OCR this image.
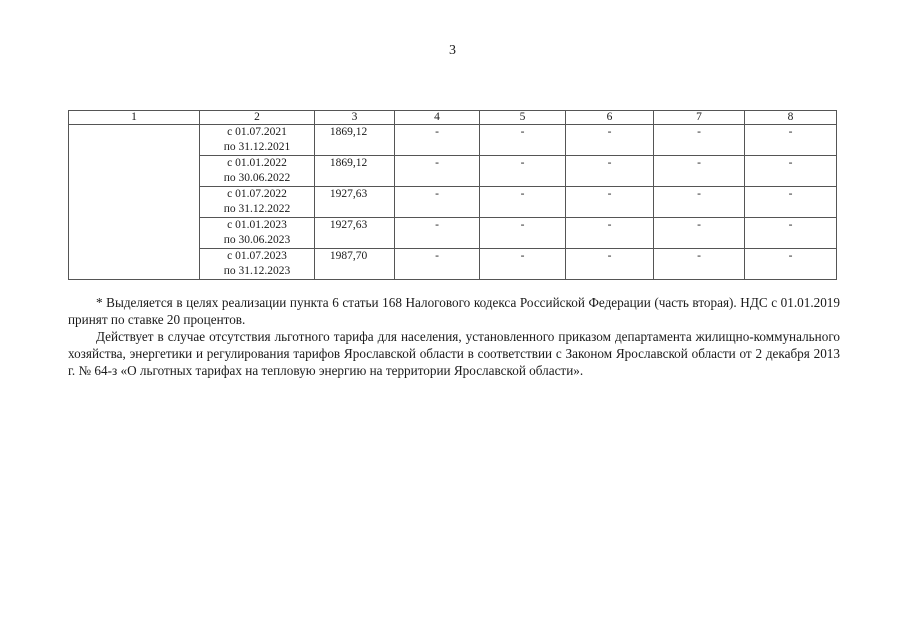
3
1	2	3	4	5	6	7	8
	с 01.07.2021
по 31.12.2021	1869,12	-	-	-	-	-
	с 01.01.2022
по 30.06.2022	1869,12	-	-	-	-	-
	с 01.07.2022
по 31.12.2022	1927,63	-	-	-	-	-
	с 01.01.2023
по 30.06.2023	1927,63	-	-	-	-	-
	с 01.07.2023
по 31.12.2023	1987,70	-	-	-	-	-

* Выделяется в целях реализации пункта 6 статьи 168 Налогового кодекса Российской Федерации (часть вторая). НДС с 01.01.2019 принят по ставке 20 процентов.

Действует в случае отсутствия льготного тарифа для населения, установленного приказом департамента жилищно-коммунального хозяйства, энергетики и регулирования тарифов Ярославской области в соответствии с Законом Ярославской области от 2 декабря 2013 г. № 64-з «О льготных тарифах на тепловую энергию на территории Ярославской области».
